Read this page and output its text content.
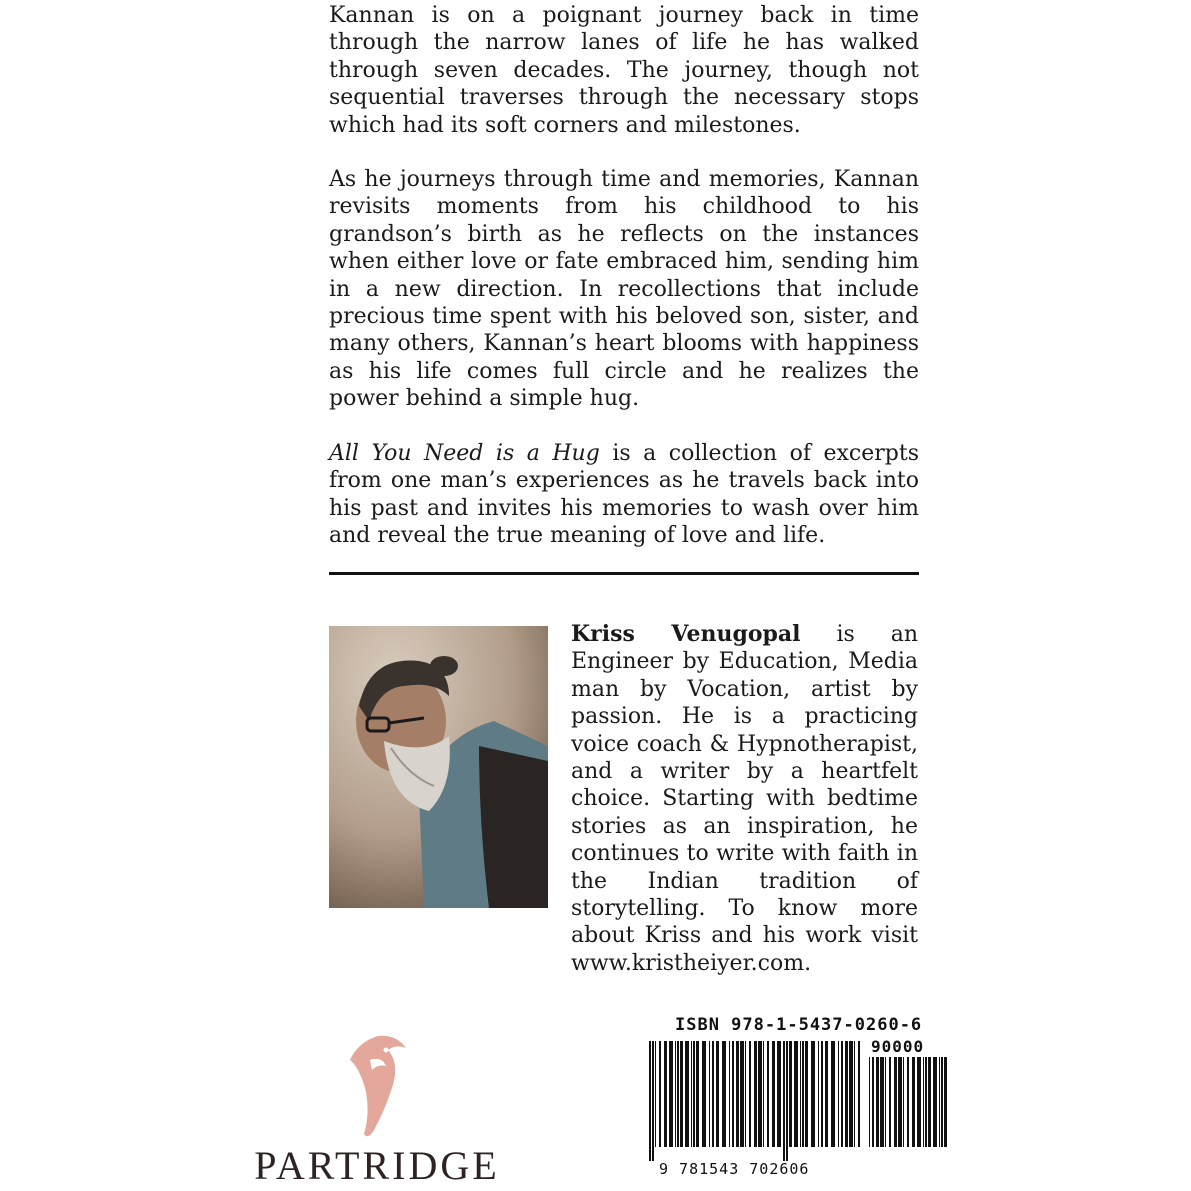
Kannan is on a poignant journey back in time through the narrow lanes of life he has walked through seven decades. The journey, though not sequential traverses through the necessary stops which had its soft corners and milestones.

As he journeys through time and memories, Kannan revisits moments from his childhood to his grandson’s birth as he reflects on the instances when either love or fate embraced him, sending him in a new direction. In recollections that include precious time spent with his beloved son, sister, and many others, Kannan’s heart blooms with happiness as his life comes full circle and he realizes the power behind a simple hug.

All You Need is a Hug is a collection of excerpts from one man’s experiences as he travels back into his past and invites his memories to wash over him and reveal the true meaning of love and life.

Kriss Venugopal is an Engineer by Education, Media man by Vocation, artist by passion. He is a practicing voice coach & Hypnotherapist, and a writer by a heartfelt choice. Starting with bedtime stories as an inspiration, he continues to write with faith in the Indian tradition of storytelling. To know more about Kriss and his work visit www.kristheiyer.com.
PARTRIDGE
ISBN 978-1-5437-0260-6
90000
9 781543 702606
